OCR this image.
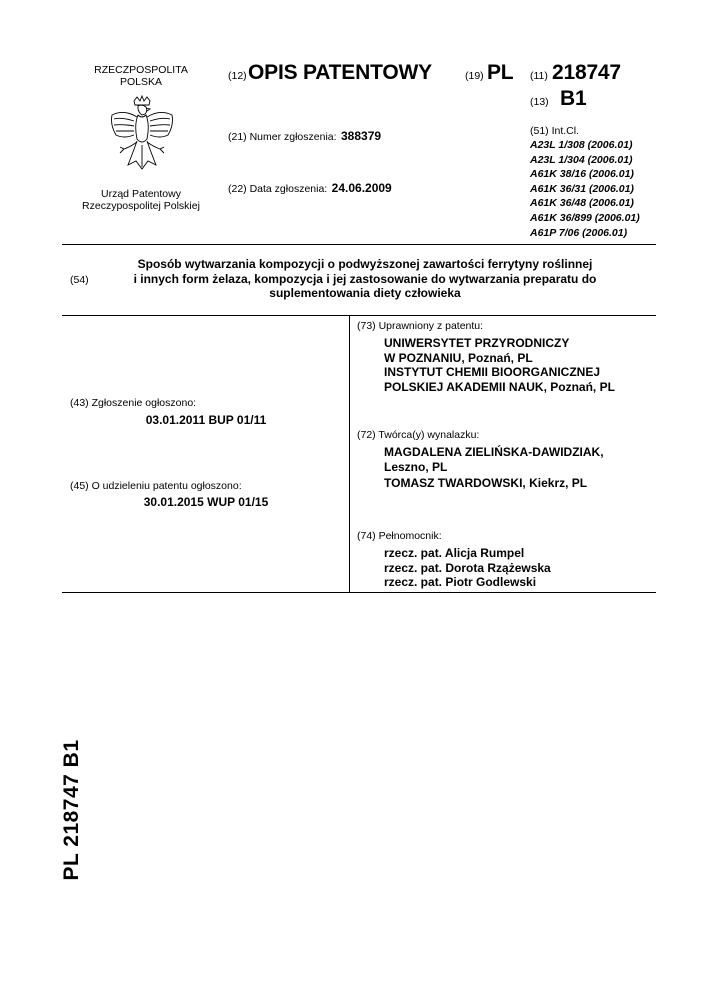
RZECZPOSPOLITA
POLSKA
Urząd Patentowy
Rzeczypospolitej Polskiej
(12) OPIS PATENTOWY	(19) PL (11) 218747
(13) B1
(21) Numer zgłoszenia: 388379
(22) Data zgłoszenia: 24.06.2009
(51) Int.Cl.
A23L 1/308 (2006.01)
A23L 1/304 (2006.01)
A61K 38/16 (2006.01)
A61K 36/31 (2006.01)
A61K 36/48 (2006.01)
A61K 36/899 (2006.01)
A61P 7/06 (2006.01)
(54)
Sposób wytwarzania kompozycji o podwyższonej zawartości ferrytyny roślinnej
i innych form żelaza, kompozycja i jej zastosowanie do wytwarzania preparatu do
suplementowania diety człowieka
(43) Zgłoszenie ogłoszono:
03.01.2011 BUP 01/11
(45) O udzieleniu patentu ogłoszono:
30.01.2015 WUP 01/15
(73) Uprawniony z patentu:
UNIWERSYTET PRZYRODNICZY
W POZNANIU, Poznań, PL
INSTYTUT CHEMII BIOORGANICZNEJ
POLSKIEJ AKADEMII NAUK, Poznań, PL
(72) Twórca(y) wynalazku:
MAGDALENA ZIELIŃSKA-DAWIDZIAK,
Leszno, PL
TOMASZ TWARDOWSKI, Kiekrz, PL
(74) Pełnomocnik:
rzecz. pat. Alicja Rumpel
rzecz. pat. Dorota Rzążewska
rzecz. pat. Piotr Godlewski
PL 218747 B1
